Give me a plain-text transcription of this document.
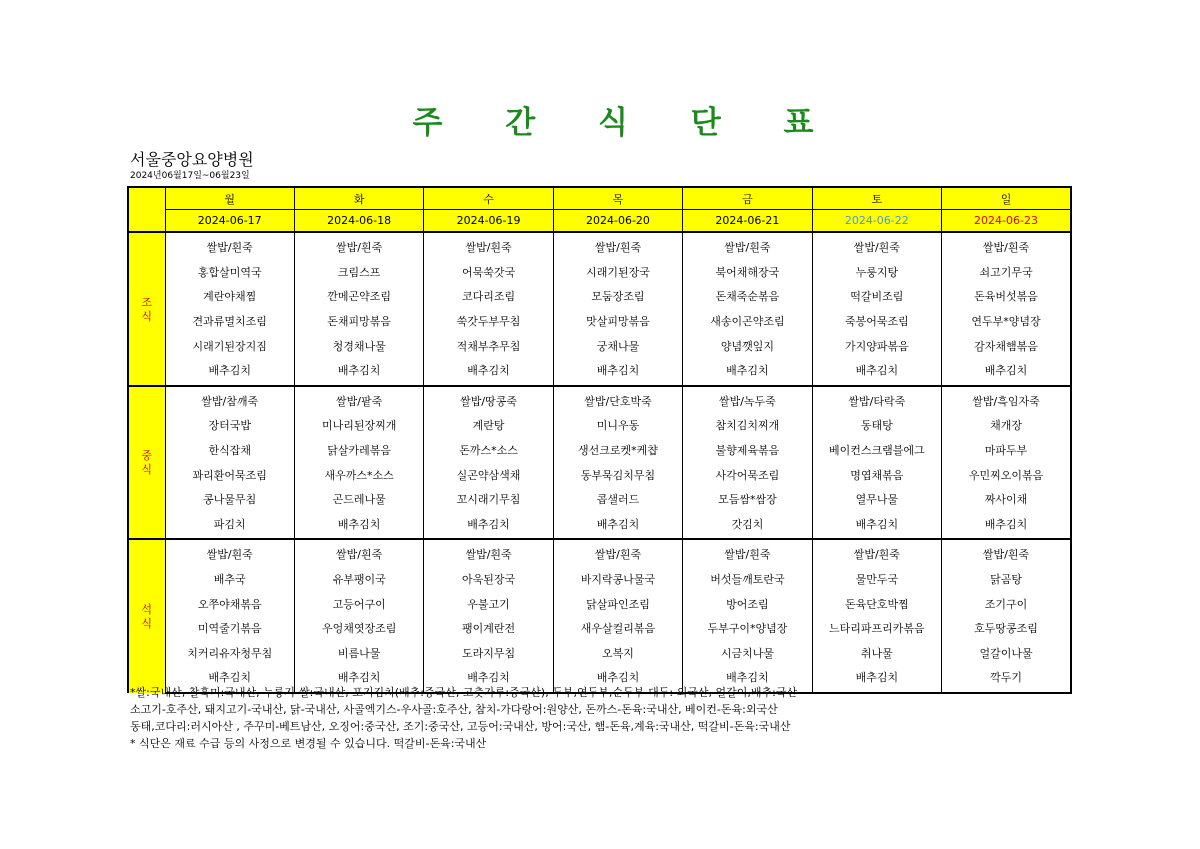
주 간 식 단 표
서울중앙요양병원
2024년06월17일~06월23일
	월	화	수	목	금	토	일
	2024-06-17	2024-06-18	2024-06-19	2024-06-20	2024-06-21	2024-06-22	2024-06-23

조
식	쌀밥/흰죽	쌀밥/흰죽	쌀밥/흰죽	쌀밥/흰죽	쌀밥/흰죽	쌀밥/흰죽	쌀밥/흰죽
	홍합살미역국	크림스프	어묵쑥갓국	시래기된장국	북어채해장국	누룽지탕	쇠고기무국
	계란야채찜	깐메곤약조림	코다리조림	모둠장조림	돈채죽순볶음	떡갈비조림	돈육버섯볶음
	견과류멸치조림	돈채피망볶음	쑥갓두부무침	맛살피망볶음	새송이곤약조림	죽봉어묵조림	연두부*양념장
	시래기된장지짐	청경채나물	적채부추무침	궁채나물	양념깻잎지	가지양파볶음	감자채햄볶음
	배추김치	배추김치	배추김치	배추김치	배추김치	배추김치	배추김치

중
식	쌀밥/참깨죽	쌀밥/팥죽	쌀밥/땅콩죽	쌀밥/단호박죽	쌀밥/녹두죽	쌀밥/타락죽	쌀밥/흑임자죽
	장터국밥	미나리된장찌개	계란탕	미니우동	참치김치찌개	동태탕	채개장
	한식잡채	닭살카레볶음	돈까스*소스	생선크로켓*케챱	불향제육볶음	베이컨스크램블에그	마파두부
	꽈리환어묵조림	새우까스*소스	실곤약삼색채	동부묵김치무침	사각어묵조림	명엽채볶음	우민찌오이볶음
	콩나물무침	곤드레나물	꼬시래기무침	콥샐러드	모듬쌈*쌈장	열무나물	짜사이채
	파김치	배추김치	배추김치	배추김치	갓김치	배추김치	배추김치

석
식	쌀밥/흰죽	쌀밥/흰죽	쌀밥/흰죽	쌀밥/흰죽	쌀밥/흰죽	쌀밥/흰죽	쌀밥/흰죽
	배추국	유부팽이국	아욱된장국	바지락콩나물국	버섯들깨토란국	물만두국	닭곰탕
	오쭈야채볶음	고등어구이	우불고기	닭살파인조림	방어조림	돈육단호박찜	조기구이
	미역줄기볶음	우엉채엿장조림	팽이계란전	새우살컬리볶음	두부구이*양념장	느타리파프리카볶음	호두땅콩조림
	치커리유자청무침	비름나물	도라지무침	오복지	시금치나물	취나물	얼갈이나물
	배추김치	배추김치	배추김치	배추김치	배추김치	배추김치	깍두기
*쌀:국내산, 찰흑미:국내산, 누룽지-쌀:국내산, 포기김치(배추:중국산, 고춧가루:중국산), 두부,연두부,순두부-대두: 외국산, 얼갈이,배추:국산
소고기-호주산, 돼지고기-국내산, 닭-국내산, 사골엑기스-우사골:호주산, 참치-가다랑어:원양산, 돈까스-돈육:국내산, 베이컨-돈육:외국산
동태,코다리:러시아산 , 주꾸미-베트남산, 오징어:중국산, 조기:중국산, 고등어:국내산, 방어:국산, 햄-돈육,계육:국내산, 떡갈비-돈육:국내산
* 식단은 재료 수급 등의 사정으로 변경될 수 있습니다. 떡갈비-돈육:국내산
